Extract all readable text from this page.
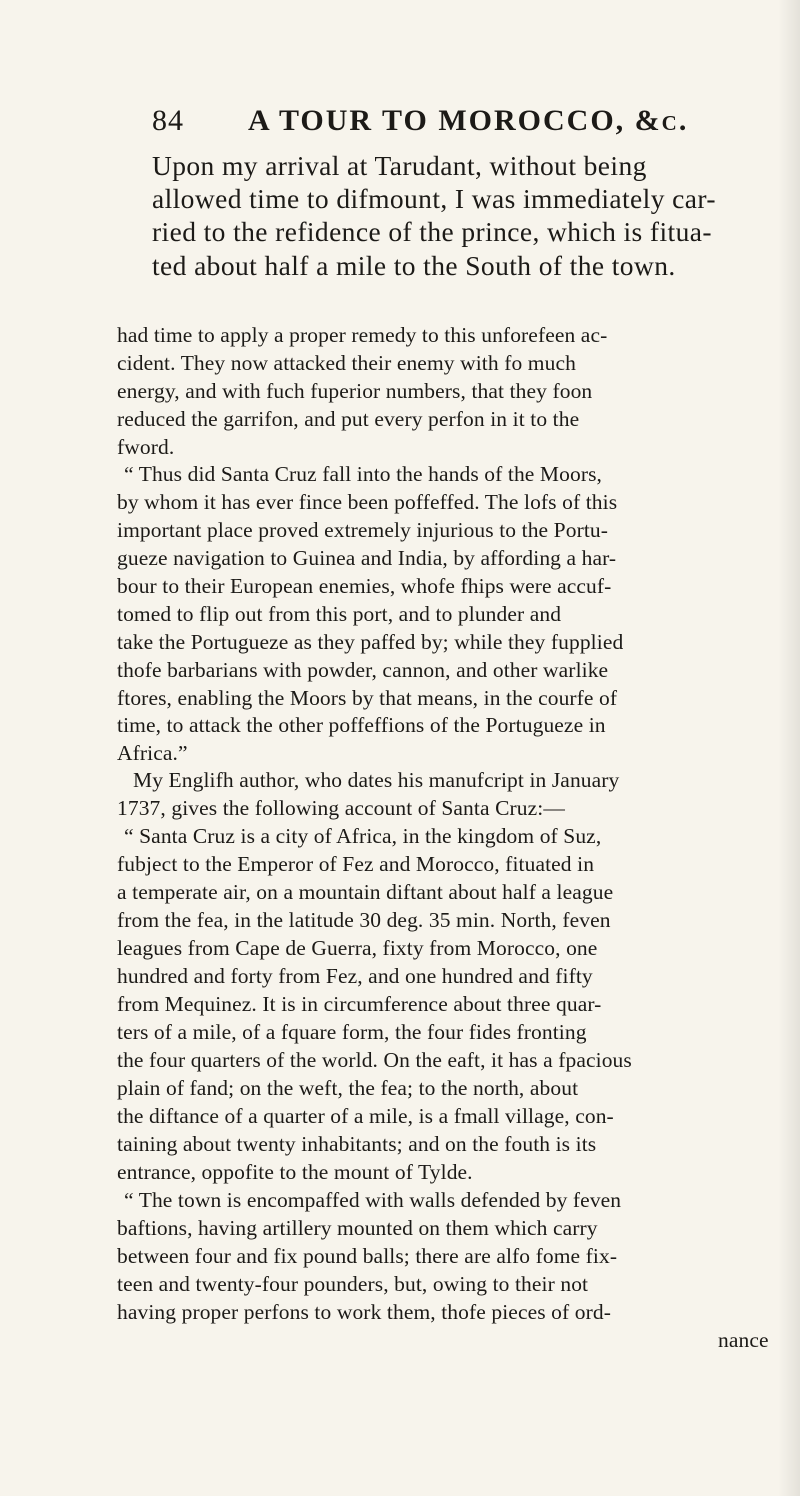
84 A TOUR TO MOROCCO, &c.
Upon my arrival at Tarudant, without being
allowed time to difmount, I was immediately car-
ried to the refidence of the prince, which is fitua-
ted about half a mile to the South of the town.
had time to apply a proper remedy to this unforefeen ac-
cident. They now attacked their enemy with fo much
energy, and with fuch fuperior numbers, that they foon
reduced the garrifon, and put every perfon in it to the
fword.
“ Thus did Santa Cruz fall into the hands of the Moors,
by whom it has ever fince been poffeffed. The lofs of this
important place proved extremely injurious to the Portu-
gueze navigation to Guinea and India, by affording a har-
bour to their European enemies, whofe fhips were accuf-
tomed to flip out from this port, and to plunder and
take the Portugueze as they paffed by; while they fupplied
thofe barbarians with powder, cannon, and other warlike
ftores, enabling the Moors by that means, in the courfe of
time, to attack the other poffeffions of the Portugueze in
Africa.”
My Englifh author, who dates his manufcript in January
1737, gives the following account of Santa Cruz:—
“ Santa Cruz is a city of Africa, in the kingdom of Suz,
fubject to the Emperor of Fez and Morocco, fituated in
a temperate air, on a mountain diftant about half a league
from the fea, in the latitude 30 deg. 35 min. North, feven
leagues from Cape de Guerra, fixty from Morocco, one
hundred and forty from Fez, and one hundred and fifty
from Mequinez. It is in circumference about three quar-
ters of a mile, of a fquare form, the four fides fronting
the four quarters of the world. On the eaft, it has a fpacious
plain of fand; on the weft, the fea; to the north, about
the diftance of a quarter of a mile, is a fmall village, con-
taining about twenty inhabitants; and on the fouth is its
entrance, oppofite to the mount of Tylde.
“ The town is encompaffed with walls defended by feven
baftions, having artillery mounted on them which carry
between four and fix pound balls; there are alfo fome fix-
teen and twenty-four pounders, but, owing to their not
having proper perfons to work them, thofe pieces of ord-
nance
